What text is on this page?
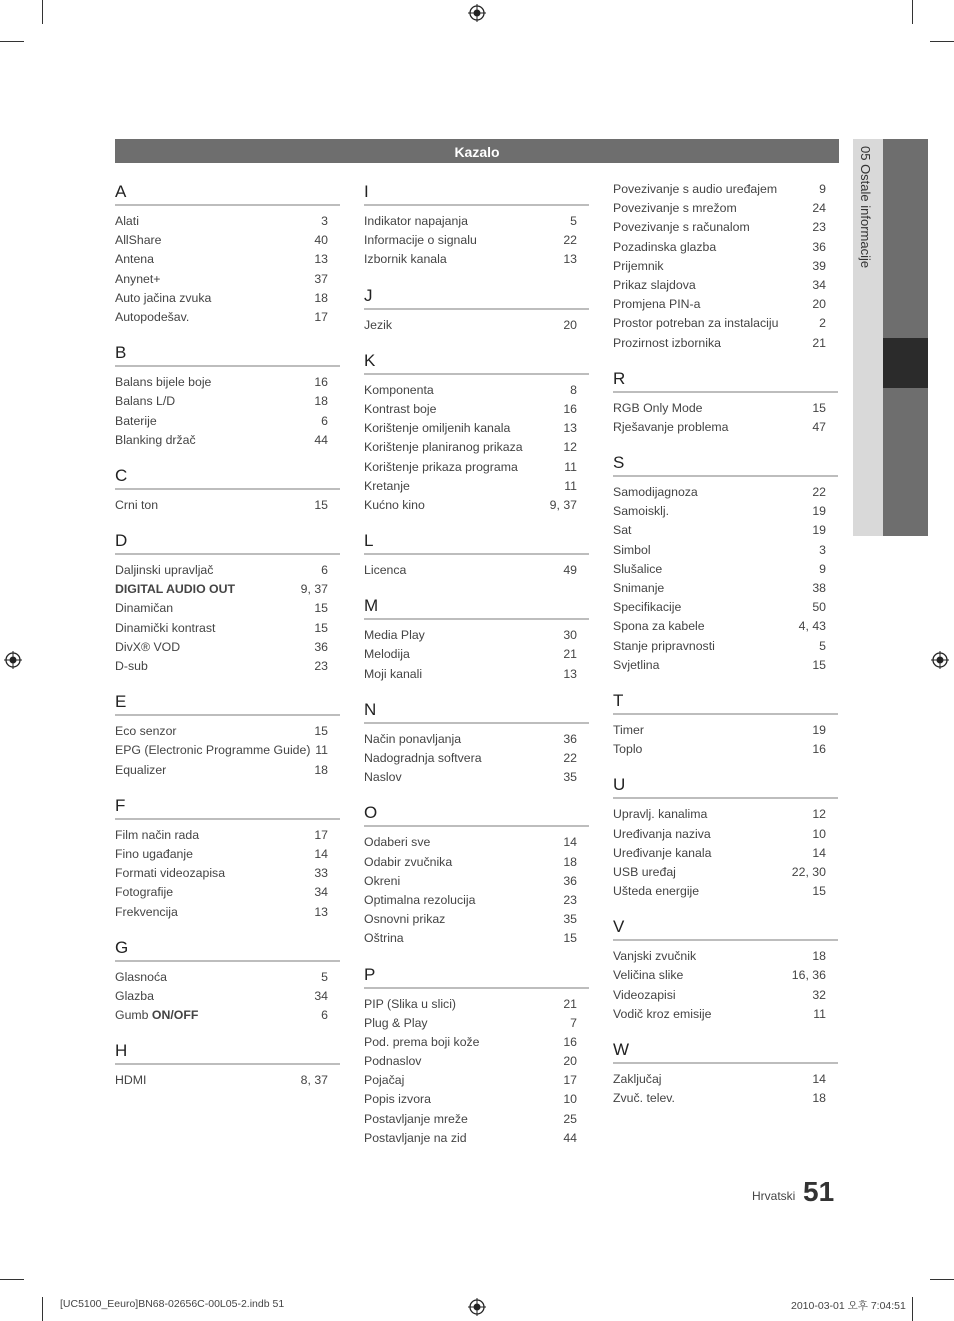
05 Ostale informacije
Kazalo
A
Alati	3
AllShare	40
Antena	13
Anynet+	37
Auto jačina zvuka	18
Autopodešav.	17
B
Balans bijele boje	16
Balans L/D	18
Baterije	6
Blanking držač	44
C
Crni ton	15
D
Daljinski upravljač	6
DIGITAL AUDIO OUT	9, 37
Dinamičan	15
Dinamički kontrast	15
DivX® VOD	36
D-sub	23
E
Eco senzor	15
EPG (Electronic Programme Guide) 11
Equalizer	18
F
Film način rada	17
Fino ugađanje	14
Formati videozapisa	33
Fotografije	34
Frekvencija	13
G
Glasnoća	5
Glazba	34
Gumb ON/OFF	6
H
HDMI	8, 37
I
Indikator napajanja	5
Informacije o signalu	22
Izbornik kanala	13
J
Jezik	20
K
Komponenta	8
Kontrast boje	16
Korištenje omiljenih kanala	13
Korištenje planiranog prikaza	12
Korištenje prikaza programa	11
Kretanje	11
Kućno kino	9, 37
L
Licenca	49
M
Media Play	30
Melodija	21
Moji kanali	13
N
Način ponavljanja	36
Nadogradnja softvera	22
Naslov	35
O
Odaberi sve	14
Odabir zvučnika	18
Okreni	36
Optimalna rezolucija	23
Osnovni prikaz	35
Oštrina	15
P
PIP (Slika u slici)	21
Plug & Play	7
Pod. prema boji kože	16
Podnaslov	20
Pojačaj	17
Popis izvora	10
Postavljanje mreže	25
Postavljanje na zid	44
Povezivanje s audio uređajem	9
Povezivanje s mrežom	24
Povezivanje s računalom	23
Pozadinska glazba	36
Prijemnik	39
Prikaz slajdova	34
Promjena PIN-a	20
Prostor potreban za instalaciju	2
Prozirnost izbornika	21
R
RGB Only Mode	15
Rješavanje problema	47
S
Samodijagnoza	22
Samoisklj.	19
Sat	19
Simbol	3
Slušalice	9
Snimanje	38
Specifikacije	50
Spona za kabele	4, 43
Stanje pripravnosti	5
Svjetlina	15
T
Timer	19
Toplo	16
U
Upravlj. kanalima	12
Uređivanja naziva	10
Uređivanje kanala	14
USB uređaj	22, 30
Ušteda energije	15
V
Vanjski zvučnik	18
Veličina slike	16, 36
Videozapisi	32
Vodič kroz emisije	11
W
Zaključaj	14
Zvuč. telev.	18
Hrvatski 51
[UC5100_Eeuro]BN68-02656C-00L05-2.indb 51	2010-03-01 오후 7:04:51
